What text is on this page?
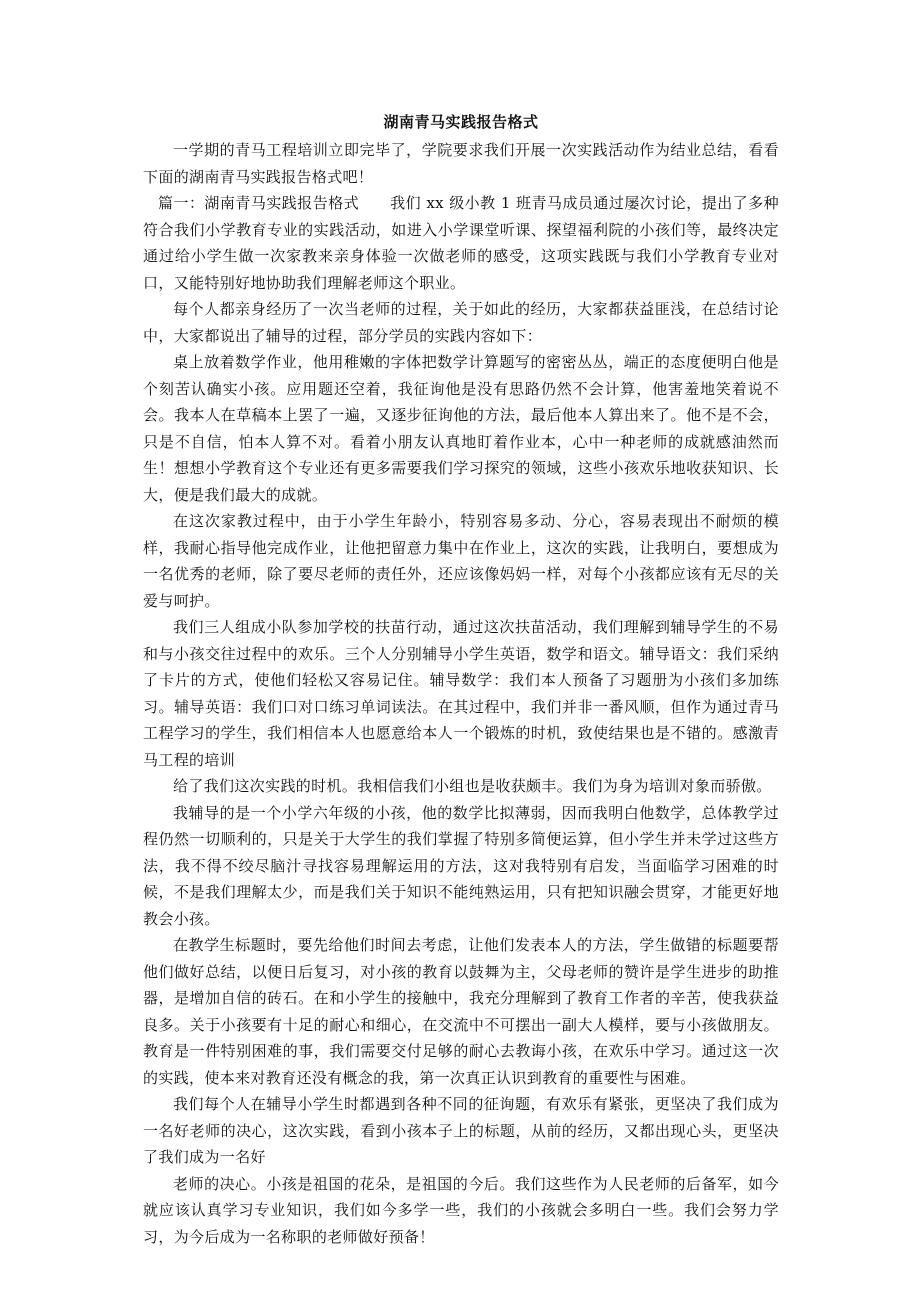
湖南青马实践报告格式

一学期的青马工程培训立即完毕了，学院要求我们开展一次实践活动作为结业总结，看看下面的湖南青马实践报告格式吧！

篇一：湖南青马实践报告格式　　我们 xx 级小教 1 班青马成员通过屡次讨论，提出了多种符合我们小学教育专业的实践活动，如进入小学课堂听课、探望福利院的小孩们等，最终决定通过给小学生做一次家教来亲身体验一次做老师的感受，这项实践既与我们小学教育专业对口，又能特别好地协助我们理解老师这个职业。

每个人都亲身经历了一次当老师的过程，关于如此的经历，大家都获益匪浅，在总结讨论中，大家都说出了辅导的过程，部分学员的实践内容如下：

桌上放着数学作业，他用稚嫩的字体把数学计算题写的密密丛丛，端正的态度便明白他是个刻苦认确实小孩。应用题还空着，我征询他是没有思路仍然不会计算，他害羞地笑着说不会。我本人在草稿本上罢了一遍，又逐步征询他的方法，最后他本人算出来了。他不是不会，只是不自信，怕本人算不对。看着小朋友认真地盯着作业本，心中一种老师的成就感油然而生！想想小学教育这个专业还有更多需要我们学习探究的领域，这些小孩欢乐地收获知识、长大，便是我们最大的成就。

在这次家教过程中，由于小学生年龄小，特别容易多动、分心，容易表现出不耐烦的模样，我耐心指导他完成作业，让他把留意力集中在作业上，这次的实践，让我明白，要想成为一名优秀的老师，除了要尽老师的责任外，还应该像妈妈一样，对每个小孩都应该有无尽的关爱与呵护。

我们三人组成小队参加学校的扶苗行动，通过这次扶苗活动，我们理解到辅导学生的不易和与小孩交往过程中的欢乐。三个人分别辅导小学生英语，数学和语文。辅导语文：我们采纳了卡片的方式，使他们轻松又容易记住。辅导数学：我们本人预备了习题册为小孩们多加练习。辅导英语：我们口对口练习单词读法。在其过程中，我们并非一番风顺，但作为通过青马工程学习的学生，我们相信本人也愿意给本人一个锻炼的时机，致使结果也是不错的。感激青马工程的培训

给了我们这次实践的时机。我相信我们小组也是收获颇丰。我们为身为培训对象而骄傲。

我辅导的是一个小学六年级的小孩，他的数学比拟薄弱，因而我明白他数学，总体教学过程仍然一切顺利的，只是关于大学生的我们掌握了特别多简便运算，但小学生并未学过这些方法，我不得不绞尽脑汁寻找容易理解运用的方法，这对我特别有启发，当面临学习困难的时候，不是我们理解太少，而是我们关于知识不能纯熟运用，只有把知识融会贯穿，才能更好地教会小孩。

在教学生标题时，要先给他们时间去考虑，让他们发表本人的方法，学生做错的标题要帮他们做好总结，以便日后复习，对小孩的教育以鼓舞为主，父母老师的赞许是学生进步的助推器，是增加自信的砖石。在和小学生的接触中，我充分理解到了教育工作者的辛苦，使我获益良多。关于小孩要有十足的耐心和细心，在交流中不可摆出一副大人模样，要与小孩做朋友。教育是一件特别困难的事，我们需要交付足够的耐心去教诲小孩，在欢乐中学习。通过这一次的实践，使本来对教育还没有概念的我，第一次真正认识到教育的重要性与困难。

我们每个人在辅导小学生时都遇到各种不同的征询题，有欢乐有紧张，更坚决了我们成为一名好老师的决心，这次实践，看到小孩本子上的标题，从前的经历，又都出现心头，更坚决了我们成为一名好

老师的决心。小孩是祖国的花朵，是祖国的今后。我们这些作为人民老师的后备军，如今就应该认真学习专业知识，我们如今多学一些，我们的小孩就会多明白一些。我们会努力学习，为今后成为一名称职的老师做好预备！
